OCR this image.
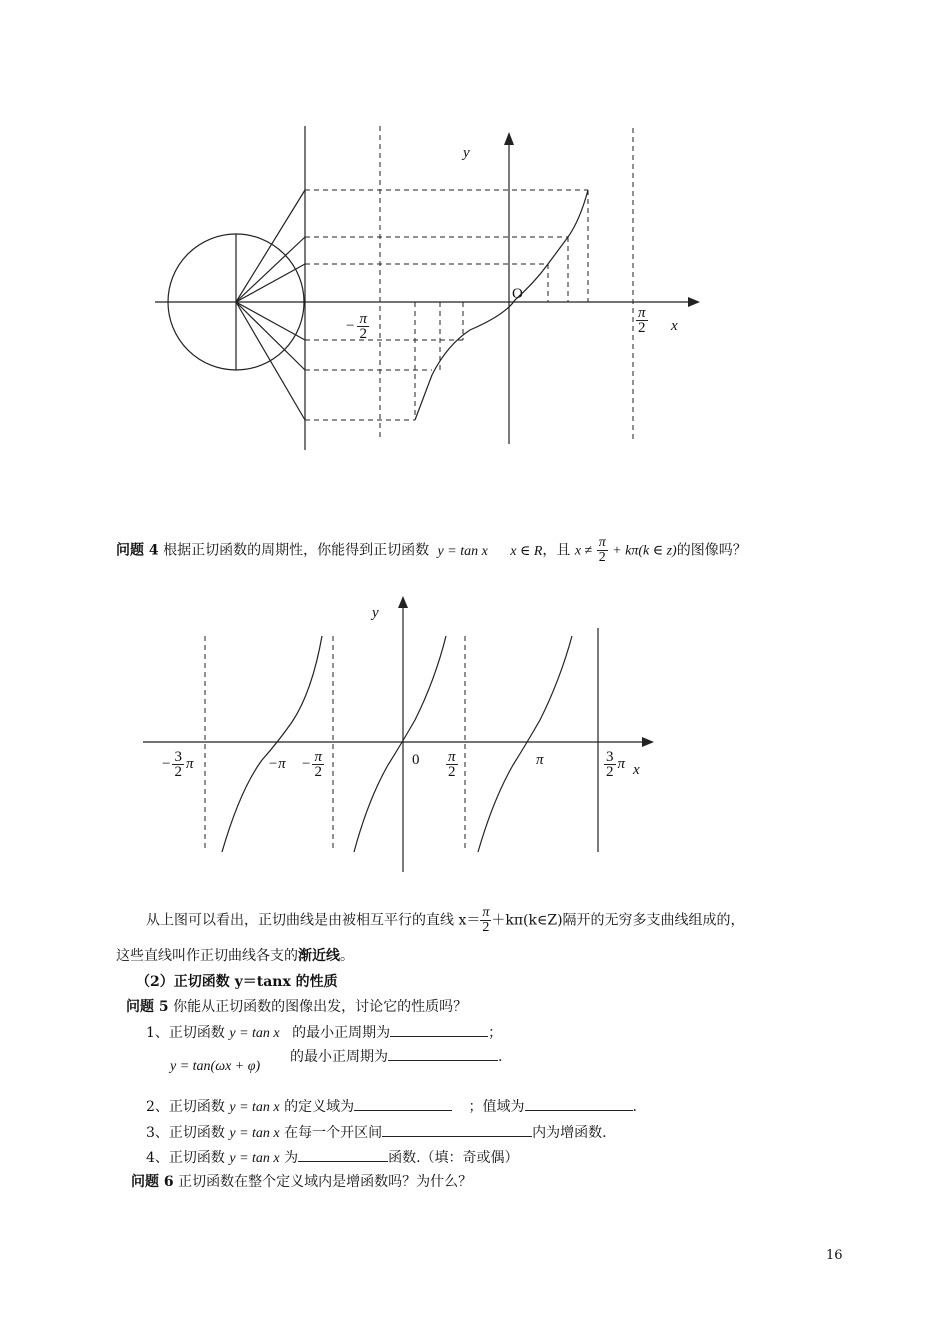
y
O
x
− $\frac{\pi}{2}$	$\frac{\pi}{2}$
问题 4 根据正切函数的周期性，你能得到正切函数 y = tan x x ∈ R，且 $x \ne \frac{\pi}{2} + k\pi(k$ ∈ z)的图像吗？
y
x
0
− $\frac{3}{2}$ π	$-\pi - \frac{\pi}{2}$	$\frac{\pi}{2}$	π	$\frac{3}{2}$ π
从上图可以看出，正切曲线是由被相互平行的直线 $x= \frac{\pi}{2}$ ＋kπ(k∈Z)隔开的无穷多支曲线组成的，
这些直线叫作正切曲线各支的渐近线。
（2）正切函数 y＝tanx 的性质
问题 5 你能从正切函数的图像出发，讨论它的性质吗？
1、正切函数 y = tan x 的最小正周期为	；
y = tan(ωx + φ)
的最小正周期为	.
2、正切函数 y = tan x 的定义域为	；值域为	.
3、正切函数 y = tan x 在每一个开区间	内为增函数.
4、正切函数 y = tan x 为	函数.（填：奇或偶）
问题 6 正切函数在整个定义域内是增函数吗？为什么？
16
